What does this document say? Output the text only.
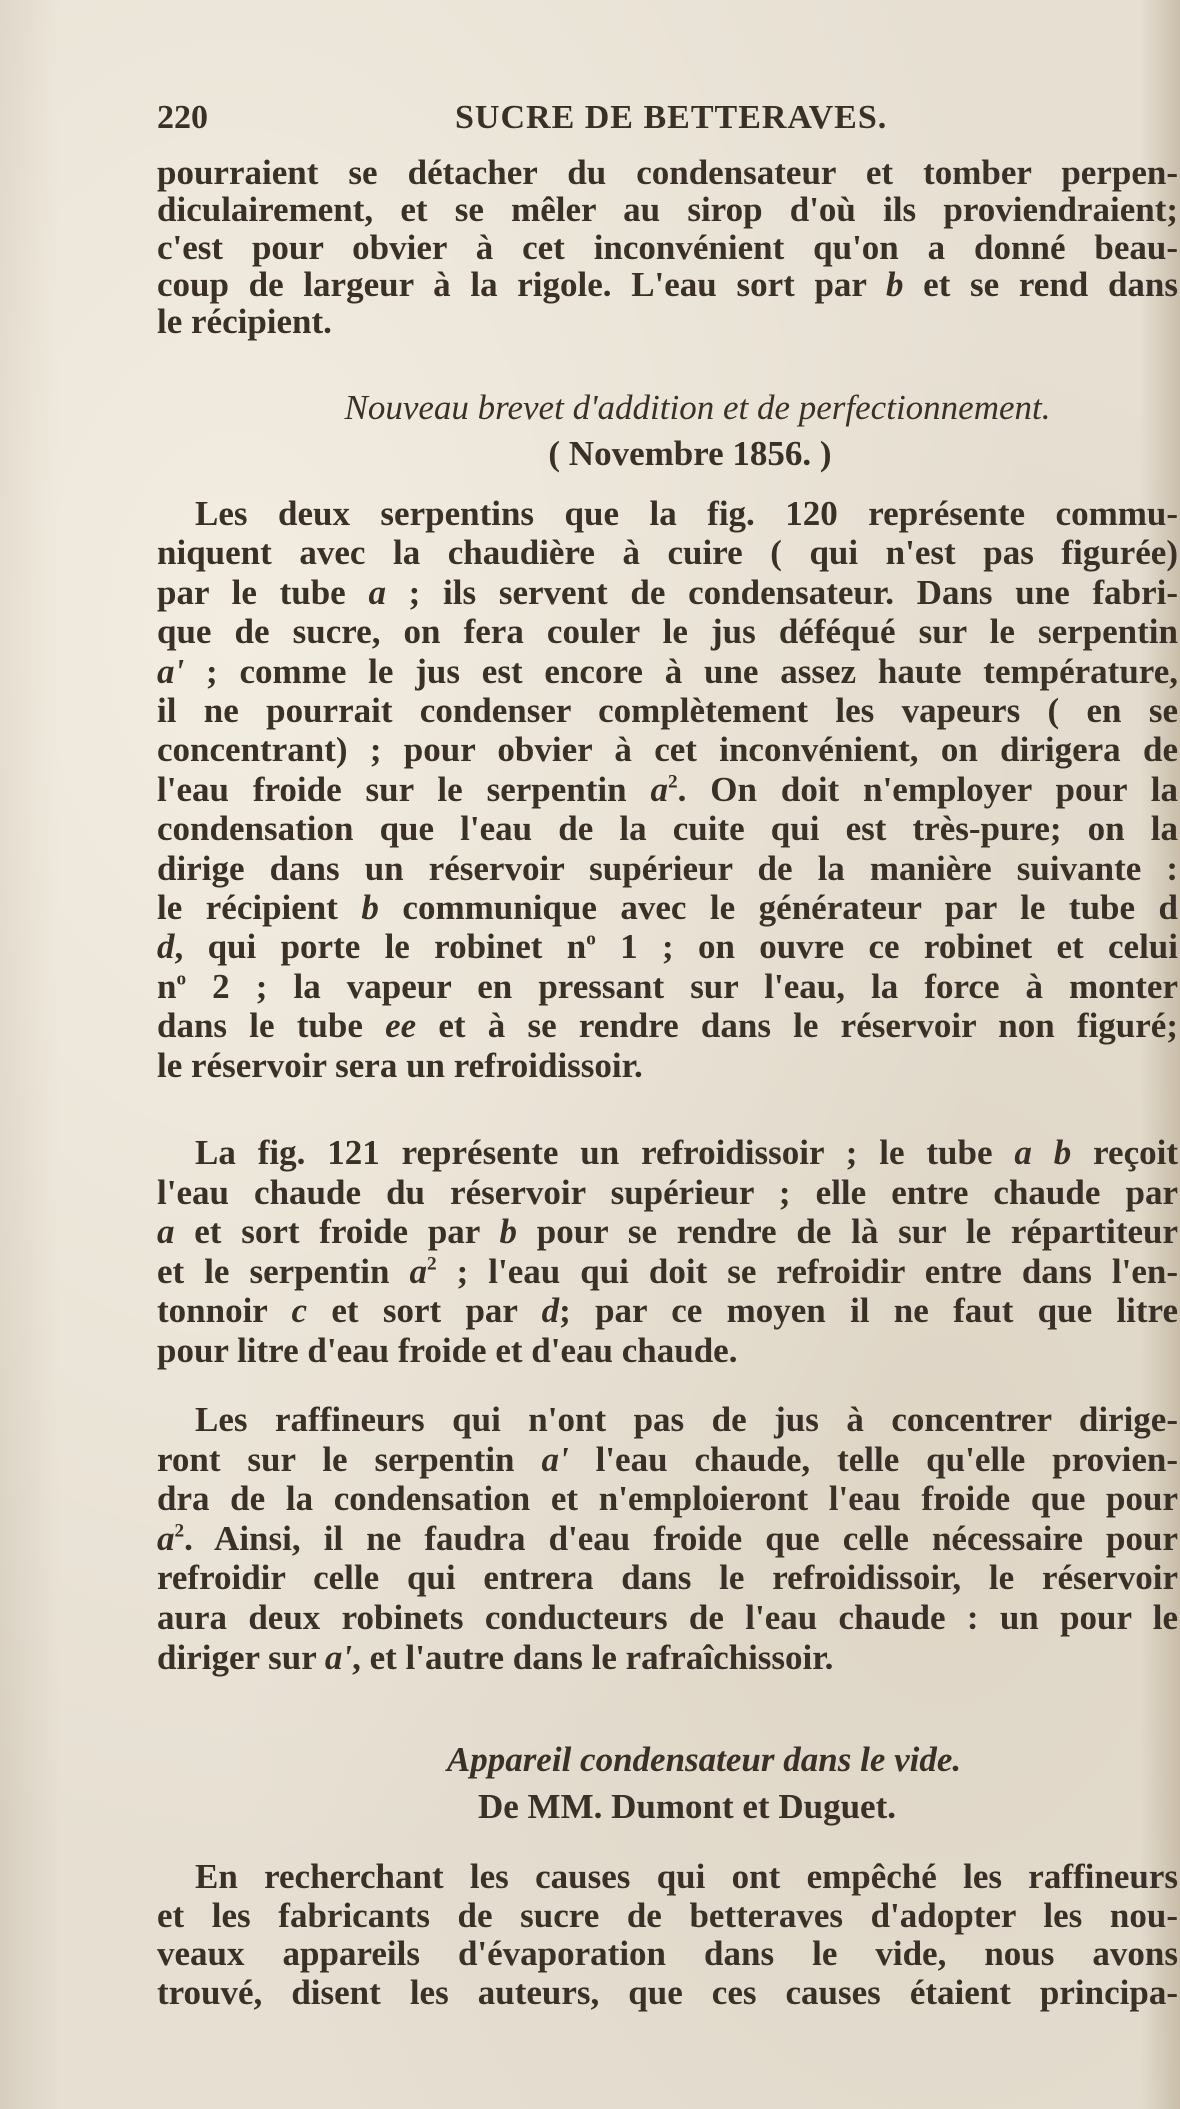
220	SUCRE DE BETTERAVES.
Nouveau brevet d'addition et de perfectionnement.
( Novembre 1856. )
Appareil condensateur dans le vide.
De MM. Dumont et Duguet.
pourraient se détacher du condensateur et tomber perpen-
diculairement, et se mêler au sirop d'où ils proviendraient;
c'est pour obvier à cet inconvénient qu'on a donné beau-
coup de largeur à la rigole. L'eau sort par b et se rend dans
le récipient.
Les deux serpentins que la fig. 120 représente commu-
niquent avec la chaudière à cuire ( qui n'est pas figurée)
par le tube a ; ils servent de condensateur. Dans une fabri-
que de sucre, on fera couler le jus déféqué sur le serpentin
a' ; comme le jus est encore à une assez haute température,
il ne pourrait condenser complètement les vapeurs ( en se
concentrant) ; pour obvier à cet inconvénient, on dirigera de
l'eau froide sur le serpentin $a^2$. On doit n'employer pour la
condensation que l'eau de la cuite qui est très-pure; on la
dirige dans un réservoir supérieur de la manière suivante :
le récipient b communique avec le générateur par le tube d
d, qui porte le robinet $n^o$ 1 ; on ouvre ce robinet et celui
$n^o$ 2 ; la vapeur en pressant sur l'eau, la force à monter
dans le tube ee et à se rendre dans le réservoir non figuré;
le réservoir sera un refroidissoir.
La fig. 121 représente un refroidissoir ; le tube a b reçoit
l'eau chaude du réservoir supérieur ; elle entre chaude par
a et sort froide par b pour se rendre de là sur le répartiteur
et le serpentin $a^2$ ; l'eau qui doit se refroidir entre dans l'en-
tonnoir c et sort par d; par ce moyen il ne faut que litre
pour litre d'eau froide et d'eau chaude.
Les raffineurs qui n'ont pas de jus à concentrer dirige-
ront sur le serpentin a' l'eau chaude, telle qu'elle provien-
dra de la condensation et n'emploieront l'eau froide que pour
$a^2$. Ainsi, il ne faudra d'eau froide que celle nécessaire pour
refroidir celle qui entrera dans le refroidissoir, le réservoir
aura deux robinets conducteurs de l'eau chaude : un pour le
diriger sur a', et l'autre dans le rafraîchissoir.
En recherchant les causes qui ont empêché les raffineurs
et les fabricants de sucre de betteraves d'adopter les nou-
veaux appareils d'évaporation dans le vide, nous avons
trouvé, disent les auteurs, que ces causes étaient principa-
